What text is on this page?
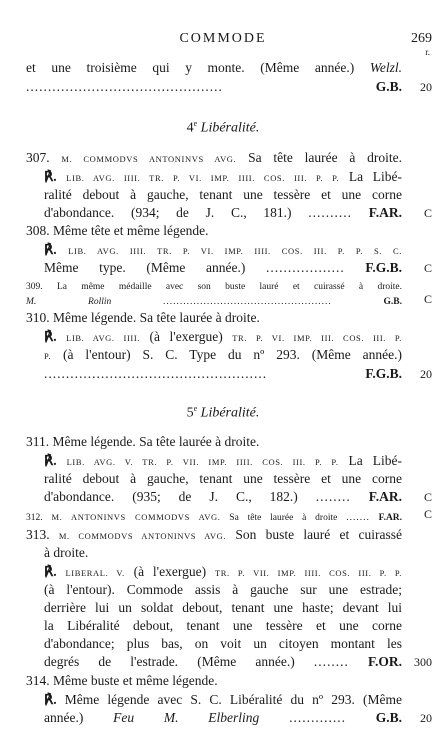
COMMODE	269
r.
et une troisième qui y monte. (Même année.) Welzl.
.............................................	G.B.	20
4e Libéralité.
307. M. COMMODVS ANTONINVS AVG. Sa tête laurée à droite.
℟. LIB. AVG. IIII. TR. P. VI. IMP. IIII. COS. III. P. P. La Libé-
ralité debout à gauche, tenant une tessère et une corne
d'abondance. (934; de J. C., 181.) .......... F.AR.	C
308. Même tête et même légende.
℟. LIB. AVG. IIII. TR. P. VI. IMP. IIII. COS. III. P. P. S. C.
Même type. (Même année.) .................. F.G.B.	C
309. La même médaille avec son buste lauré et cuirassé à droite.
M. Rollin	..................................................	G.B.	C
310. Même légende. Sa tête laurée à droite.
℟. LIB. AVG. IIII. (à l'exergue) TR. P. VI. IMP. III. COS. III. P.
P. (à l'entour) S. C. Type du nº 293. (Même année.)
...................................................	F.G.B.	20
5e Libéralité.
311. Même légende. Sa tête laurée à droite.
℟. LIB. AVG. V. TR. P. VII. IMP. IIII. COS. III. P. P. La Libé-
ralité debout à gauche, tenant une tessère et une corne
d'abondance. (935; de J. C., 182.) ........ F.AR.	C
312. M. ANTONINVS COMMODVS AVG. Sa tête laurée à droite ....... F.AR.	C
313. M. COMMODVS ANTONINVS AVG. Son buste lauré et cuirassé
à droite.
℟. LIBERAL. V. (à l'exergue) TR. P. VII. IMP. IIII. COS. III. P. P.
(à l'entour). Commode assis à gauche sur une estrade;
derrière lui un soldat debout, tenant une haste; devant lui
la Libéralité debout, tenant une tessère et une corne
d'abondance; plus bas, on voit un citoyen montant les
degrés de l'estrade. (Même année.) ........ F.OR. 300
314. Même buste et même légende.
℟. Même légende avec S. C. Libéralité du nº 293. (Même
année.) Feu M. Elberling ............. G.B.	20
